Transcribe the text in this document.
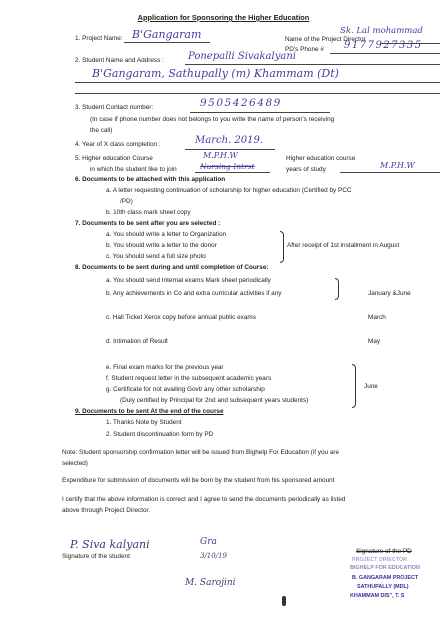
Application for Sponsoring the Higher Education
1. Project Name: B'Gangaram	Name of the Project Director
Sk. Lal mohammad
PD's Phone # 9177927335
2. Student Name and Address : Ponepalli Sivakalyani
B'Gangaram, Sathupally (m) Khammam (Dt)
3. Student Contact number:	9505426489
(In case if phone number does not belongs to you write the name of person's receiving
the call)
4. Year of X class completion :	March. 2019.
5. Higher education Course	M.P.H.W
in which the student like to join	Nursing Intrst
Higher education course
years of study	M.P.H.W
6. Documents to be attached with this application
a. A letter requesting continuation of scholarship for higher education (Certified by PCC
/PD)
b. 10th class mark sheet copy
7. Documents to be sent after you are selected :
a. You should write a letter to Organization
b. You should write a letter to the donor
c. You should send a full size photo
After receipt of 1st installment in August
8. Documents to be sent during and until completion of Course:
a. You should send Internal exams Mark sheet periodically
b. Any achievements in Co and extra curricular activities if any	January &June
c. Hall Ticket Xerox copy before annual public exams	March
d. Intimation of Result	May
e. Final exam marks for the previous year
f. Student request letter in the subsequent academic years
g. Certificate for not availing Govt/ any other scholarship
(Duly certified by Principal for 2nd and subsequent years students)
June
9. Documents to be sent At the end of the course
1. Thanks Note by Student
2. Student discontinuation form by PD
Note: Student sponsorship confirmation letter will be issued from Bighelp For Education (if you are
selected)
Expenditure for submission of documents will be born by the student from his sponsored amount
I certify that the above information is correct and I agree to send the documents periodically as listed
above through Project Director.
P. Siva kalyani
Signature of the student
Gra
3/10/19
M. Sarojini
Signature of the PD
PROJECT DIRECTOR
BIGHELP FOR EDUCATION
B. GANGARAM PROJECT
SATHUPALLY (MDL)
KHAMMAM DIS", T. S
